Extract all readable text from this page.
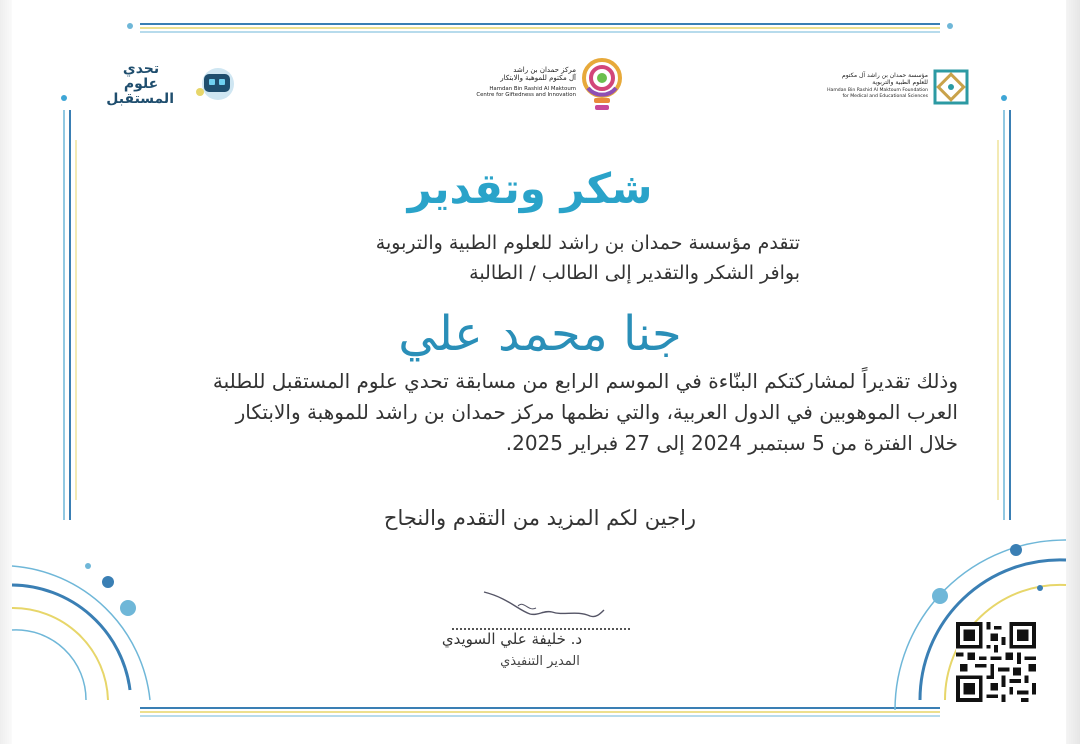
تحدي
علوم
المستقبل
مركز حمدان بن راشد
آل مكتوم للموهبة والابتكار
Hamdan Bin Rashid Al Maktoum
Centre for Giftedness and Innovation
مؤسسة حمدان بن راشد آل مكتوم
للعلوم الطبية والتربوية
Hamdan Bin Rashid Al Maktoum Foundation
for Medical and Educational Sciences
شكر وتقدير
تتقدم مؤسسة حمدان بن راشد للعلوم الطبية والتربوية
بوافر الشكر والتقدير إلى الطالب / الطالبة
جنا محمد علي
وذلك تقديراً لمشاركتكم البنّاءة في الموسم الرابع من مسابقة تحدي علوم المستقبل للطلبة
العرب الموهوبين في الدول العربية، والتي نظمها مركز حمدان بن راشد للموهبة والابتكار
خلال الفترة من 5 سبتمبر 2024 إلى 27 فبراير 2025.
راجين لكم المزيد من التقدم والنجاح
د. خليفة علي السويدي
المدير التنفيذي
